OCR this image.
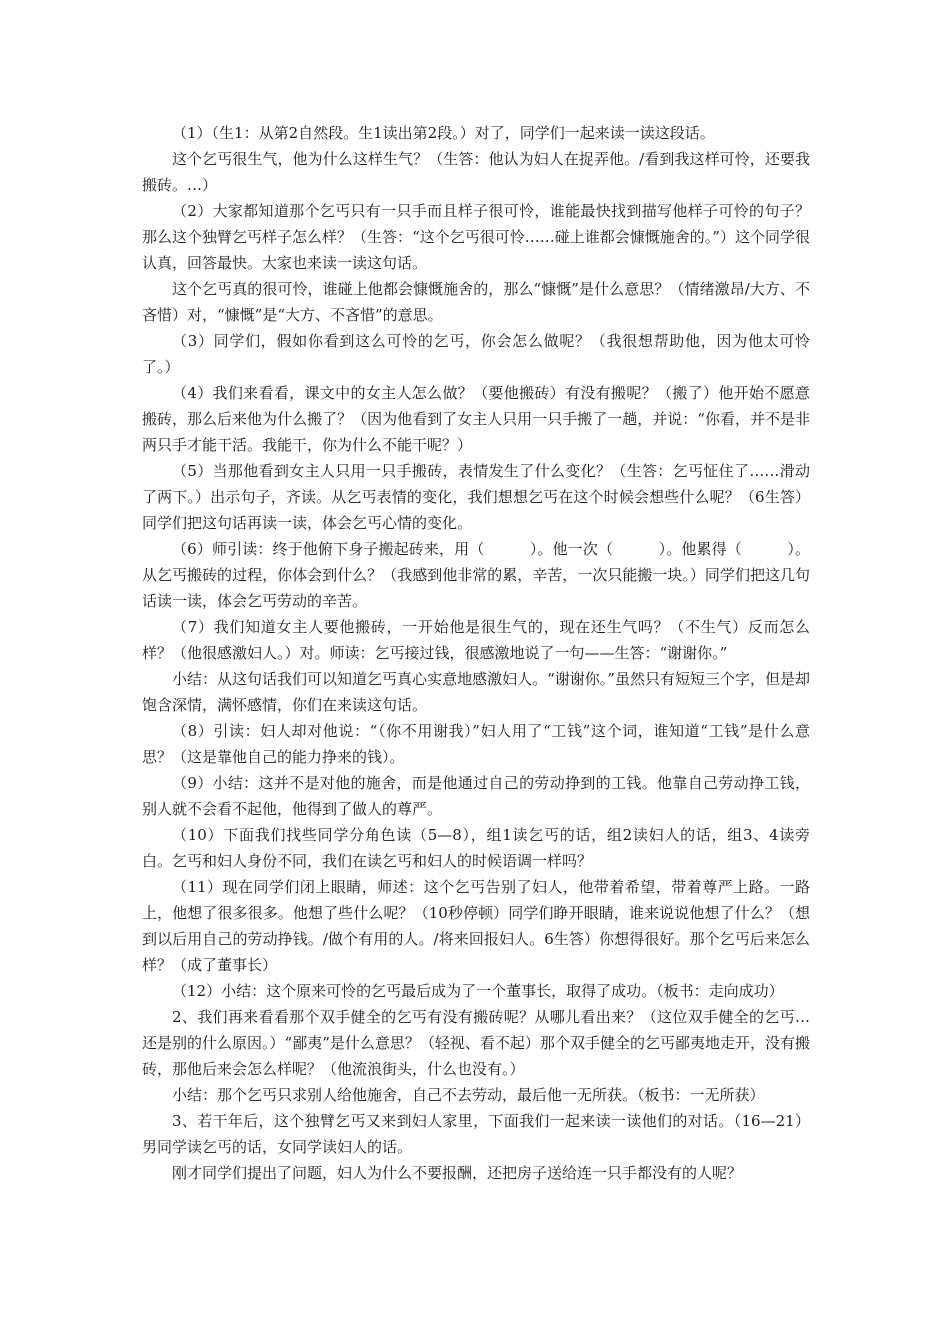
（1）（生1：从第2自然段。生1读出第2段。）对了，同学们一起来读一读这段话。

这个乞丐很生气，他为什么这样生气？（生答：他认为妇人在捉弄他。/看到我这样可怜，还要我搬砖。…）

（2）大家都知道那个乞丐只有一只手而且样子很可怜，谁能最快找到描写他样子可怜的句子？那么这个独臂乞丐样子怎么样？（生答：“这个乞丐很可怜……碰上谁都会慷慨施舍的。”）这个同学很认真，回答最快。大家也来读一读这句话。

这个乞丐真的很可怜，谁碰上他都会慷慨施舍的，那么“慷慨”是什么意思？（情绪激昂/大方、不吝惜）对，“慷慨”是“大方、不吝惜”的意思。

（3）同学们，假如你看到这么可怜的乞丐，你会怎么做呢？（我很想帮助他，因为他太可怜了。）

（4）我们来看看，课文中的女主人怎么做？（要他搬砖）有没有搬呢？（搬了）他开始不愿意搬砖，那么后来他为什么搬了？（因为他看到了女主人只用一只手搬了一趟，并说：“你看，并不是非两只手才能干活。我能干，你为什么不能干呢？）

（5）当那他看到女主人只用一只手搬砖，表情发生了什么变化？（生答：乞丐怔住了……滑动了两下。）出示句子，齐读。从乞丐表情的变化，我们想想乞丐在这个时候会想些什么呢？（6生答）同学们把这句话再读一读，体会乞丐心情的变化。

（6）师引读：终于他俯下身子搬起砖来，用（　　　）。他一次（　　　）。他累得（　　　）。从乞丐搬砖的过程，你体会到什么？（我感到他非常的累，辛苦，一次只能搬一块。）同学们把这几句话读一读，体会乞丐劳动的辛苦。

（7）我们知道女主人要他搬砖，一开始他是很生气的，现在还生气吗？（不生气）反而怎么样？（他很感激妇人。）对。师读：乞丐接过钱，很感激地说了一句——生答：“谢谢你。”

小结：从这句话我们可以知道乞丐真心实意地感激妇人。“谢谢你。”虽然只有短短三个字，但是却饱含深情，满怀感情，你们在来读这句话。

（8）引读：妇人却对他说：“（你不用谢我）”妇人用了“工钱”这个词，谁知道“工钱”是什么意思？（这是靠他自己的能力挣来的钱）。

（9）小结：这并不是对他的施舍，而是他通过自己的劳动挣到的工钱。他靠自己劳动挣工钱，别人就不会看不起他，他得到了做人的尊严。

（10）下面我们找些同学分角色读（5—8），组1读乞丐的话，组2读妇人的话，组3、4读旁白。乞丐和妇人身份不同，我们在读乞丐和妇人的时候语调一样吗？

（11）现在同学们闭上眼睛，师述：这个乞丐告别了妇人，他带着希望，带着尊严上路。一路上，他想了很多很多。他想了些什么呢？（10秒停顿）同学们睁开眼睛，谁来说说他想了什么？（想到以后用自己的劳动挣钱。/做个有用的人。/将来回报妇人。6生答）你想得很好。那个乞丐后来怎么样？（成了董事长）

（12）小结：这个原来可怜的乞丐最后成为了一个董事长，取得了成功。（板书：走向成功）

2、我们再来看看那个双手健全的乞丐有没有搬砖呢？从哪儿看出来？（这位双手健全的乞丐…还是别的什么原因。）“鄙夷”是什么意思？（轻视、看不起）那个双手健全的乞丐鄙夷地走开，没有搬砖，那他后来会怎么样呢？（他流浪街头，什么也没有。）

小结：那个乞丐只求别人给他施舍，自己不去劳动，最后他一无所获。（板书：一无所获）

3、若干年后，这个独臂乞丐又来到妇人家里，下面我们一起来读一读他们的对话。（16—21）男同学读乞丐的话，女同学读妇人的话。

刚才同学们提出了问题，妇人为什么不要报酬，还把房子送给连一只手都没有的人呢？
